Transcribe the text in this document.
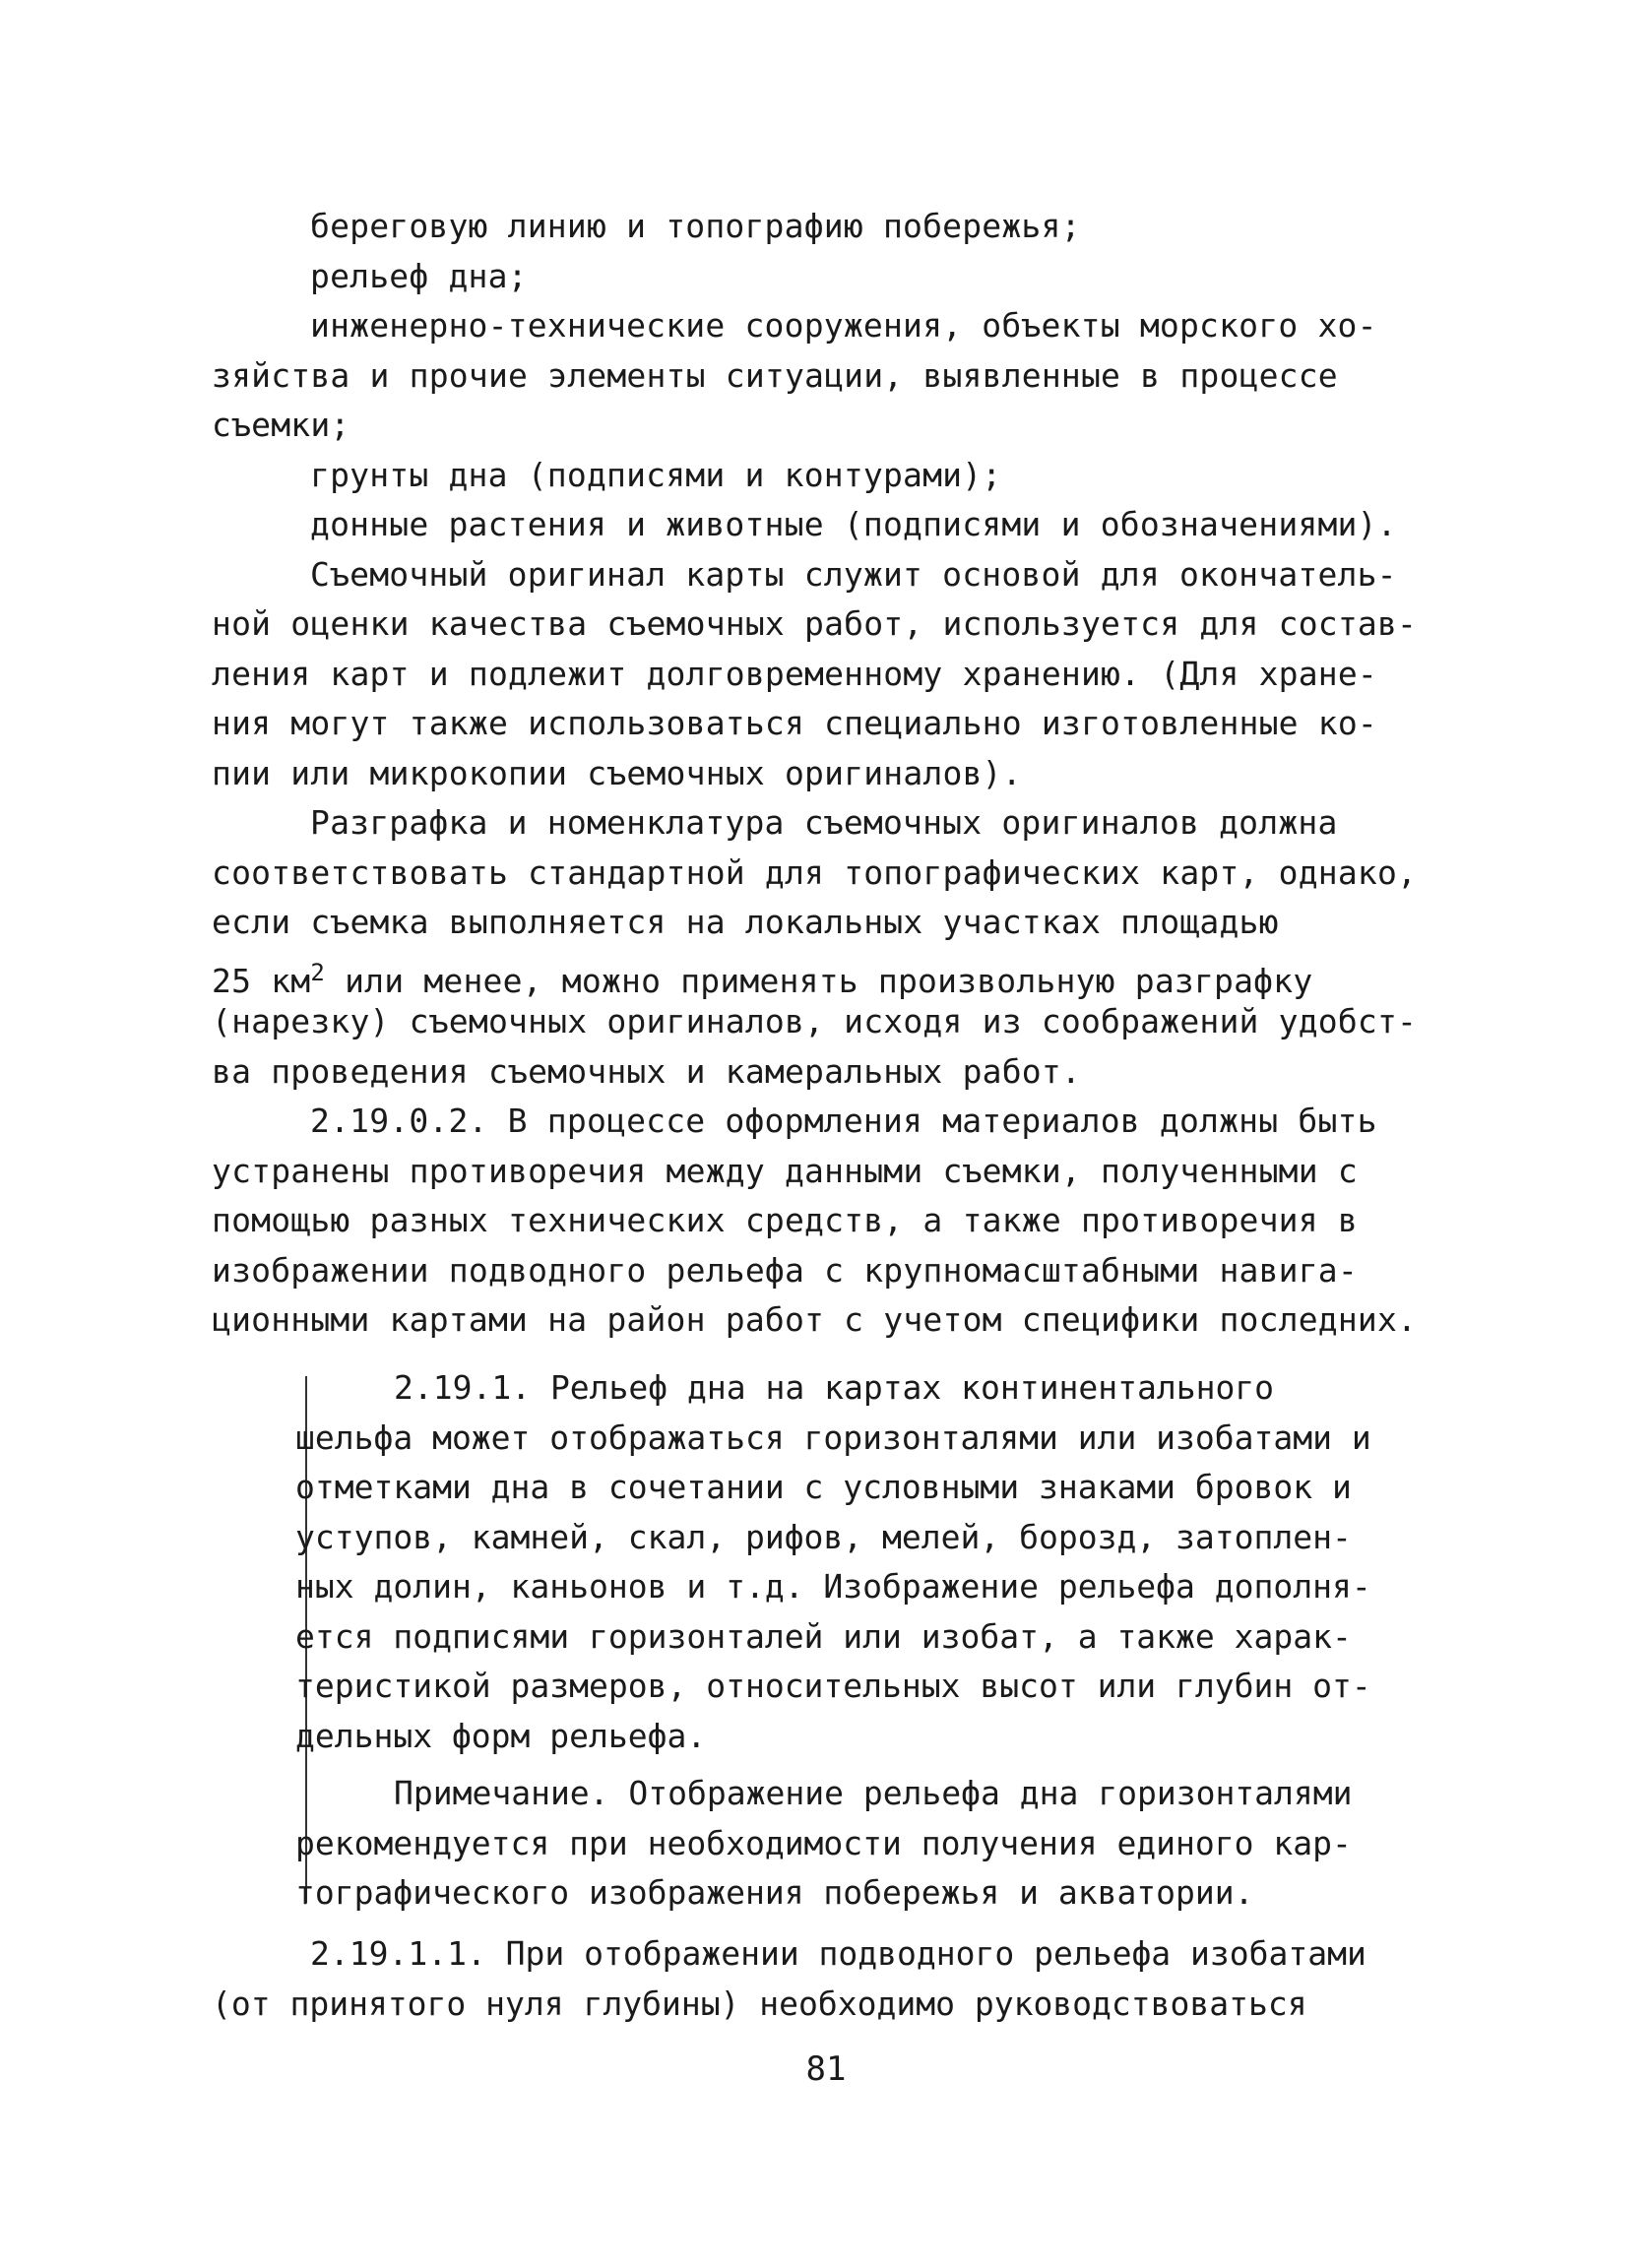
береговую линию и топографию побережья;
рельеф дна;
инженерно-технические сооружения, объекты морского хо-
зяйства и прочие элементы ситуации, выявленные в процессе
съемки;
грунты дна (подписями и контурами);
донные растения и животные (подписями и обозначениями).
Съемочный оригинал карты служит основой для окончатель-
ной оценки качества съемочных работ, используется для состав-
ления карт и подлежит долговременному хранению. (Для хране-
ния могут также использоваться специально изготовленные ко-
пии или микрокопии съемочных оригиналов).
Разграфка и номенклатура съемочных оригиналов должна
соответствовать стандартной для топографических карт, однако,
если съемка выполняется на локальных участках площадью
25 $км^2$ или менее, можно применять произвольную разграфку
(нарезку) съемочных оригиналов, исходя из соображений удобст-
ва проведения съемочных и камеральных работ.
2.19.0.2. В процессе оформления материалов должны быть
устранены противоречия между данными съемки, полученными с
помощью разных технических средств, а также противоречия в
изображении подводного рельефа с крупномасштабными навига-
ционными картами на район работ с учетом специфики последних.
2.19.1. Рельеф дна на картах континентального
шельфа может отображаться горизонталями или изобатами и
отметками дна в сочетании с условными знаками бровок и
уступов, камней, скал, рифов, мелей, борозд, затоплен-
ных долин, каньонов и т.д. Изображение рельефа дополня-
ется подписями горизонталей или изобат, а также харак-
теристикой размеров, относительных высот или глубин от-
дельных форм рельефа.
Примечание. Отображение рельефа дна горизонталями
рекомендуется при необходимости получения единого кар-
тографического изображения побережья и акватории.
2.19.1.1. При отображении подводного рельефа изобатами
(от принятого нуля глубины) необходимо руководствоваться
81
